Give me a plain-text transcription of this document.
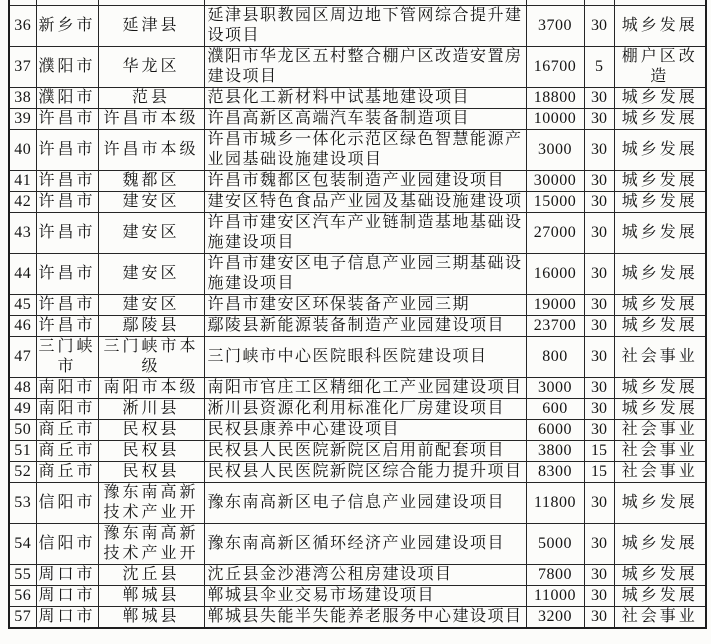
36	新乡市	延津县	延津县职教园区周边地下管网综合提升建设项目	3700	30	城乡发展
37	濮阳市	华龙区	濮阳市华龙区五村整合棚户区改造安置房建设项目	16700	5	棚户区改造
38	濮阳市	范县	范县化工新材料中试基地建设项目	18800	30	城乡发展
39	许昌市	许昌市本级	许昌高新区高端汽车装备制造项目	10000	30	城乡发展
40	许昌市	许昌市本级	许昌市城乡一体化示范区绿色智慧能源产业园基础设施建设项目	3000	30	城乡发展
41	许昌市	魏都区	许昌市魏都区包装制造产业园建设项目	30000	30	城乡发展
42	许昌市	建安区	建安区特色食品产业园及基础设施建设项	15000	30	城乡发展
43	许昌市	建安区	许昌市建安区汽车产业链制造基地基础设施建设项目	27000	30	城乡发展
44	许昌市	建安区	许昌市建安区电子信息产业园三期基础设施建设项目	16000	30	城乡发展
45	许昌市	建安区	许昌市建安区环保装备产业园三期	19000	30	城乡发展
46	许昌市	鄢陵县	鄢陵县新能源装备制造产业园建设项目	23700	30	城乡发展
47	三门峡市	三门峡市本级	三门峡市中心医院眼科医院建设项目	800	30	社会事业
48	南阳市	南阳市本级	南阳市官庄工区精细化工产业园建设项目	3000	30	城乡发展
49	南阳市	淅川县	淅川县资源化利用标准化厂房建设项目	600	30	城乡发展
50	商丘市	民权县	民权县康养中心建设项目	6000	30	社会事业
51	商丘市	民权县	民权县人民医院新院区启用前配套项目	3800	15	社会事业
52	商丘市	民权县	民权县人民医院新院区综合能力提升项目	8300	15	社会事业
53	信阳市	豫东南高新技术产业开	豫东南高新区电子信息产业园建设项目	11800	30	城乡发展
54	信阳市	豫东南高新技术产业开	豫东南高新区循环经济产业园建设项目	5000	30	城乡发展
55	周口市	沈丘县	沈丘县金沙港湾公租房建设项目	7800	30	城乡发展
56	周口市	郸城县	郸城县伞业交易市场建设项目	11000	30	城乡发展
57	周口市	郸城县	郸城县失能半失能养老服务中心建设项目	3200	30	社会事业
